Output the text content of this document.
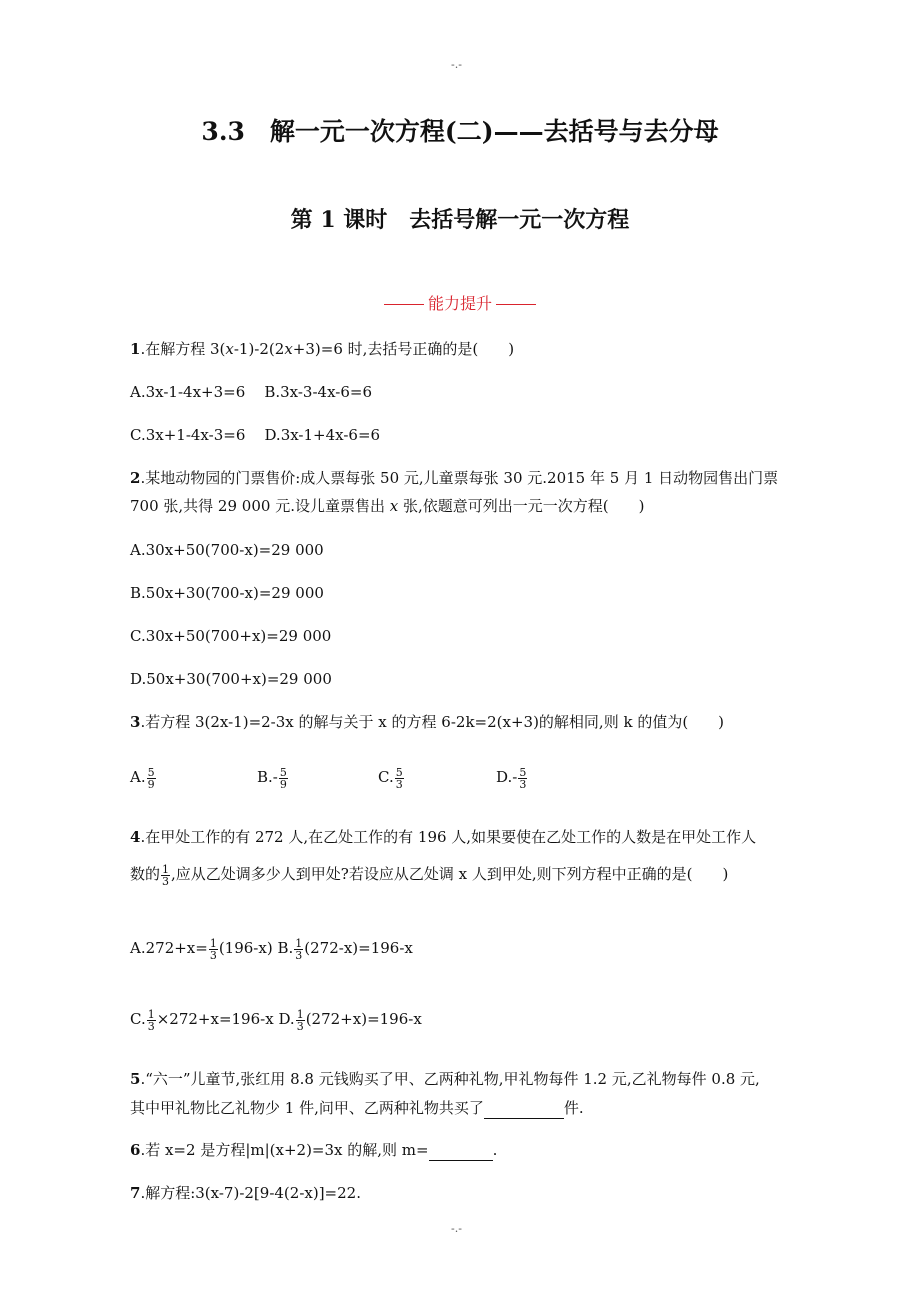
-.-
3.3　解一元一次方程(二)——去括号与去分母
第 1 课时　去括号解一元一次方程
能力提升
1.在解方程 3(x-1)-2(2x+3)=6 时,去括号正确的是(　　)
A.3x-1-4x+3=6 B.3x-3-4x-6=6
C.3x+1-4x-3=6 D.3x-1+4x-6=6
2.某地动物园的门票售价:成人票每张 50 元,儿童票每张 30 元.2015 年 5 月 1 日动物园售出门票
700 张,共得 29 000 元.设儿童票售出 x 张,依题意可列出一元一次方程(　　)
A.30x+50(700-x)=29 000
B.50x+30(700-x)=29 000
C.30x+50(700+x)=29 000
D.50x+30(700+x)=29 000
3.若方程 3(2x-1)=2-3x 的解与关于 x 的方程 6-2k=2(x+3)的解相同,则 k 的值为(　　)
A. $\frac{5}{9}$	$B.- \frac{5}{9}$	C. $\frac{5}{3}$	$D.- \frac{5}{3}$
4.在甲处工作的有 272 人,在乙处工作的有 196 人,如果要使在乙处工作的人数是在甲处工作人
数的 $\frac{1}{3}$ ,应从乙处调多少人到甲处?若设应从乙处调 x 人到甲处,则下列方程中正确的是(　　)
$A.272+x= \frac{1}{3} (196-x)$ B. $\frac{1}{3} (272-x)=196-x$
C. $\frac{1}{3} \times 272+x=196-x$ D. $\frac{1}{3} (272+x)=196-x$
5.“六一”儿童节,张红用 8.8 元钱购买了甲、乙两种礼物,甲礼物每件 1.2 元,乙礼物每件 0.8 元,
其中甲礼物比乙礼物少 1 件,问甲、乙两种礼物共买了	件.
6.若 x=2 是方程|m|(x+2)=3x 的解,则 m=	.
7.解方程:3(x-7)-2[9-4(2-x)]=22.
-.-
